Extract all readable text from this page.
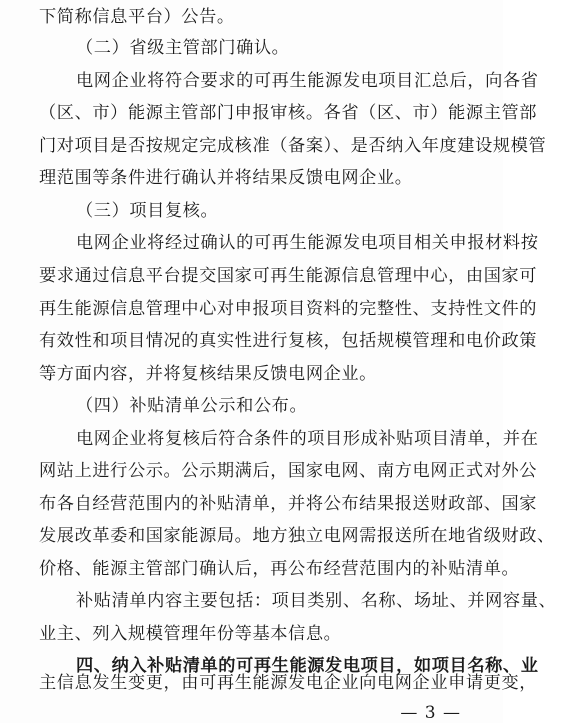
下简称信息平台）公告。
（二）省级主管部门确认。
电网企业将符合要求的可再生能源发电项目汇总后，向各省
（区、市）能源主管部门申报审核。各省（区、市）能源主管部
门对项目是否按规定完成核准（备案）、是否纳入年度建设规模管
理范围等条件进行确认并将结果反馈电网企业。
（三）项目复核。
电网企业将经过确认的可再生能源发电项目相关申报材料按
要求通过信息平台提交国家可再生能源信息管理中心，由国家可
再生能源信息管理中心对申报项目资料的完整性、支持性文件的
有效性和项目情况的真实性进行复核，包括规模管理和电价政策
等方面内容，并将复核结果反馈电网企业。
（四）补贴清单公示和公布。
电网企业将复核后符合条件的项目形成补贴项目清单，并在
网站上进行公示。公示期满后，国家电网、南方电网正式对外公
布各自经营范围内的补贴清单，并将公布结果报送财政部、国家
发展改革委和国家能源局。地方独立电网需报送所在地省级财政、
价格、能源主管部门确认后，再公布经营范围内的补贴清单。
补贴清单内容主要包括：项目类别、名称、场址、并网容量、
业主、列入规模管理年份等基本信息。
四、纳入补贴清单的可再生能源发电项目，如项目名称、业
— 3 —
主信息发生变更，由可再生能源发电企业向电网企业申请更变，
